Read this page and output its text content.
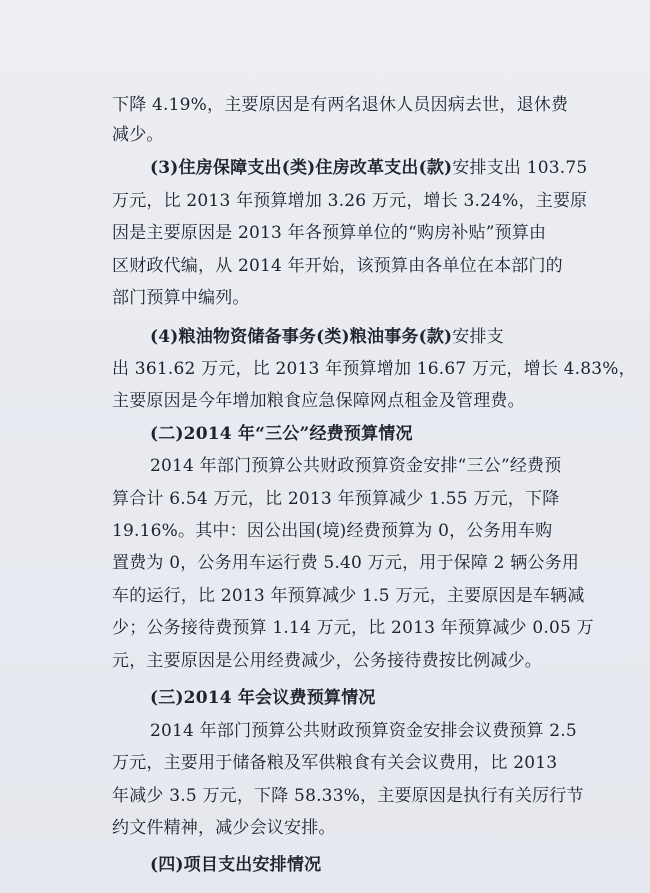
下降 4.19%，主要原因是有两名退休人员因病去世，退休费
减少。
(3)住房保障支出(类)住房改革支出(款)安排支出 103.75
万元，比 2013 年预算增加 3.26 万元，增长 3.24%，主要原
因是主要原因是 2013 年各预算单位的“购房补贴”预算由
区财政代编，从 2014 年开始，该预算由各单位在本部门的
部门预算中编列。
(4)粮油物资储备事务(类)粮油事务(款)安排支
出 361.62 万元，比 2013 年预算增加 16.67 万元，增长 4.83%，
主要原因是今年增加粮食应急保障网点租金及管理费。
(二)2014 年“三公”经费预算情况
2014 年部门预算公共财政预算资金安排“三公”经费预
算合计 6.54 万元，比 2013 年预算减少 1.55 万元，下降
19.16%。其中：因公出国(境)经费预算为 0，公务用车购
置费为 0，公务用车运行费 5.40 万元，用于保障 2 辆公务用
车的运行，比 2013 年预算减少 1.5 万元，主要原因是车辆减
少；公务接待费预算 1.14 万元，比 2013 年预算减少 0.05 万
元，主要原因是公用经费减少，公务接待费按比例减少。
(三)2014 年会议费预算情况
2014 年部门预算公共财政预算资金安排会议费预算 2.5
万元，主要用于储备粮及军供粮食有关会议费用，比 2013
年减少 3.5 万元，下降 58.33%，主要原因是执行有关厉行节
约文件精神，减少会议安排。
(四)项目支出安排情况
